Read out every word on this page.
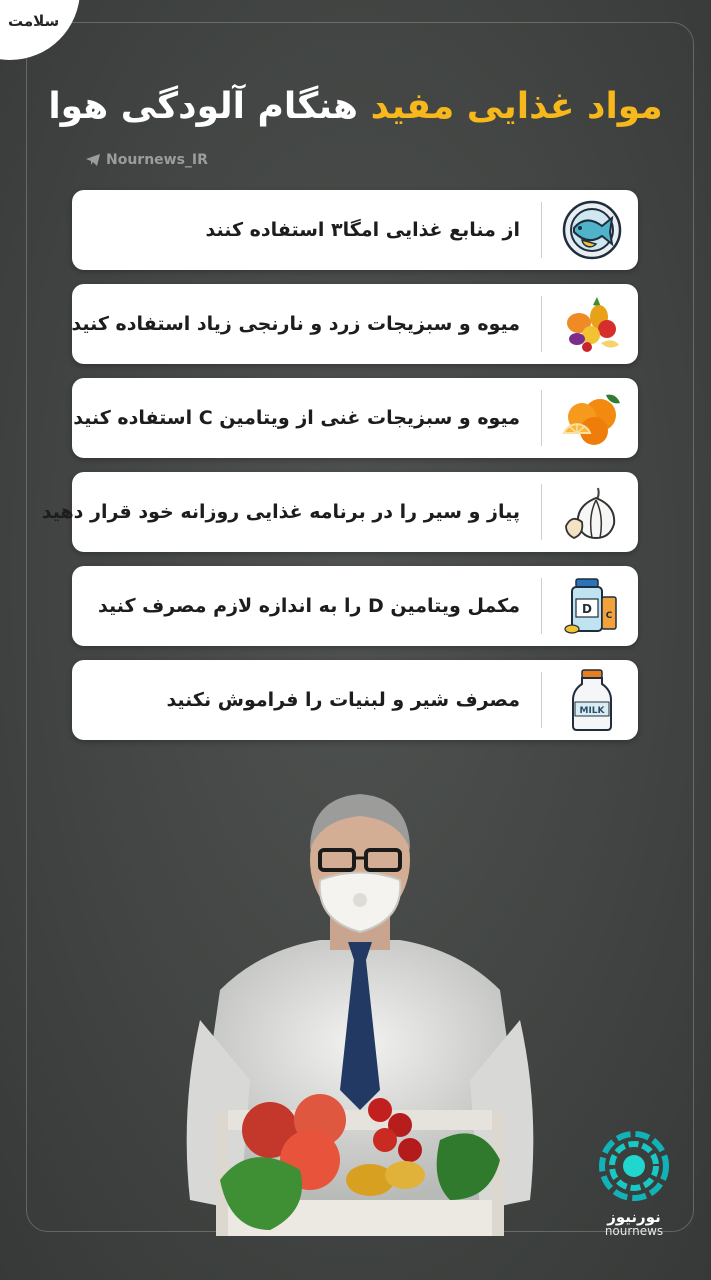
سلامت
مواد غذایی مفید هنگام آلودگی هوا
Nournews_IR
از منابع غذایی امگا۳ استفاده کنند
میوه و سبزیجات زرد و نارنجی زیاد استفاده کنید
میوه و سبزیجات غنی از ویتامین C استفاده کنید
پیاز و سیر را در برنامه غذایی روزانه خود قرار دهید
D C
مکمل ویتامین D را به اندازه لازم مصرف کنید
MILK
مصرف شیر و لبنیات را فراموش نکنید
نورنیوز
nournews
